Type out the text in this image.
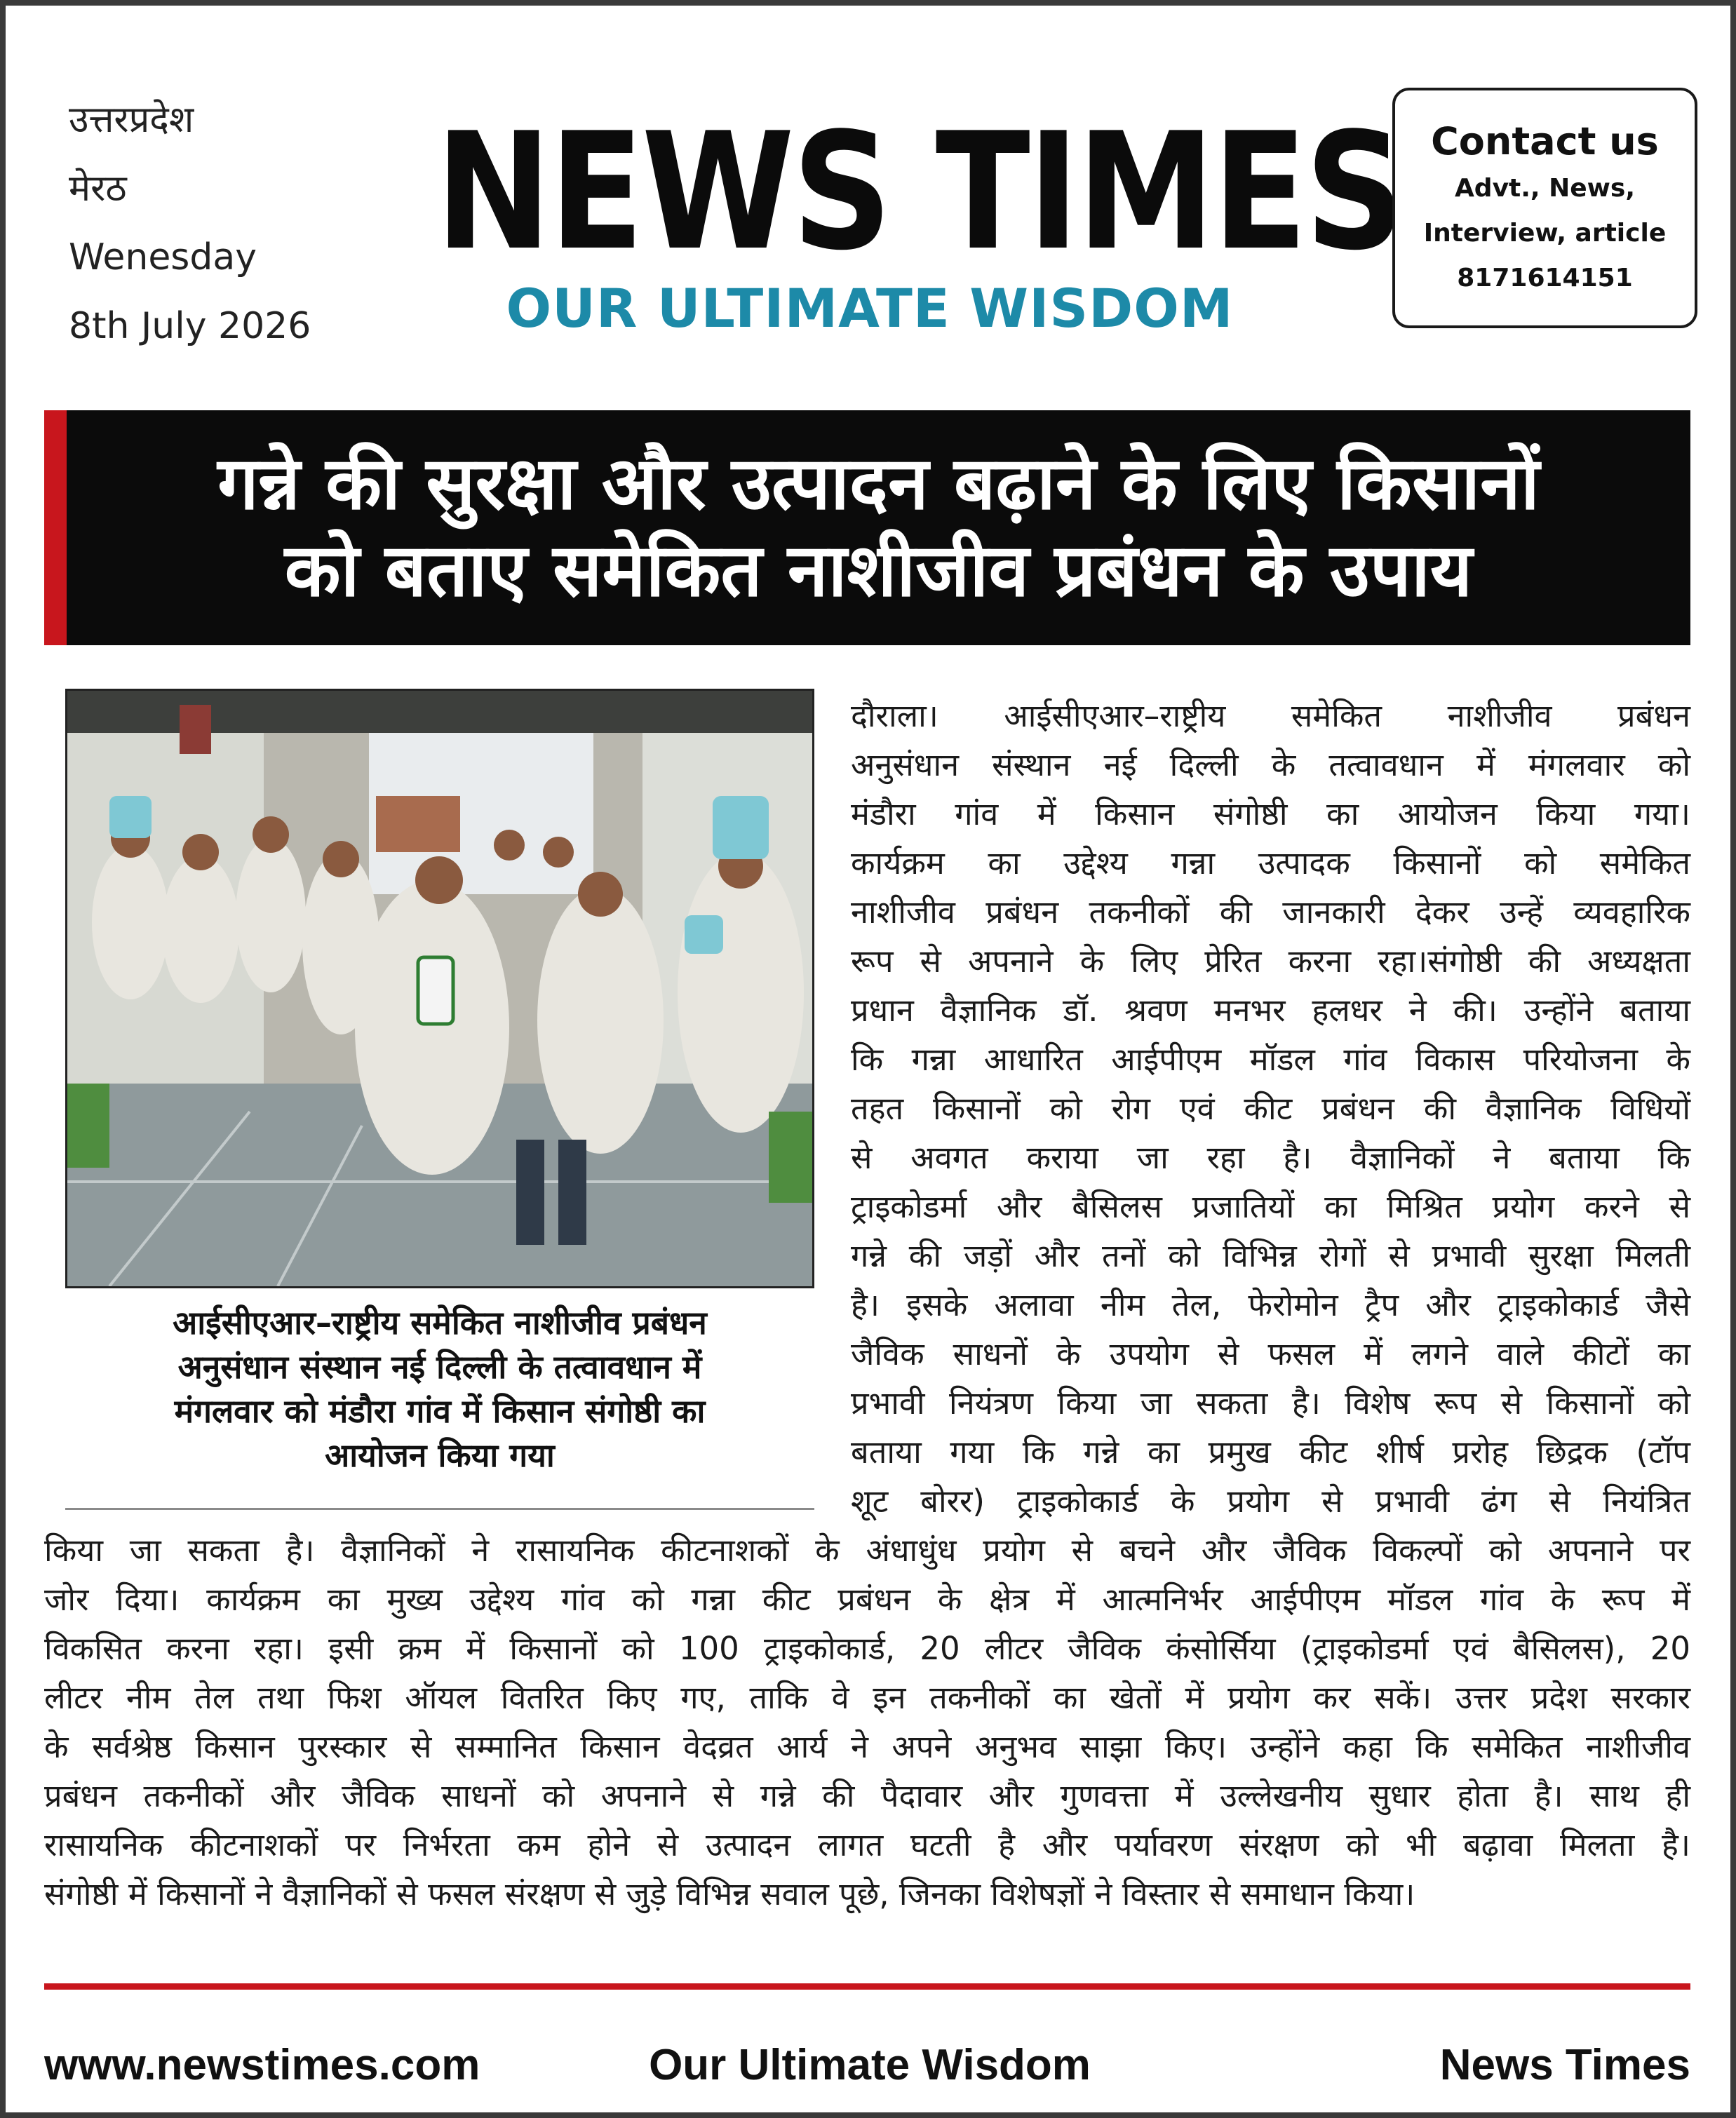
उत्तरप्रदेश
मेरठ
Wenesday
8th July 2026
NEWS TIMES
OUR ULTIMATE WISDOM
Contact us
Advt., News,
Interview, article
8171614151
गन्ने की सुरक्षा और उत्पादन बढ़ाने के लिए किसानों
को बताए समेकित नाशीजीव प्रबंधन के उपाय
आईसीएआर–राष्ट्रीय समेकित नाशीजीव प्रबंधन
अनुसंधान संस्थान नई दिल्ली के तत्वावधान में
मंगलवार को मंडौरा गांव में किसान संगोष्ठी का
आयोजन किया गया
दौराला। आईसीएआर–राष्ट्रीय समेकित नाशीजीव प्रबंधन
अनुसंधान संस्थान नई दिल्ली के तत्वावधान में मंगलवार को
मंडौरा गांव में किसान संगोष्ठी का आयोजन किया गया।
कार्यक्रम का उद्देश्य गन्ना उत्पादक किसानों को समेकित
नाशीजीव प्रबंधन तकनीकों की जानकारी देकर उन्हें व्यवहारिक
रूप से अपनाने के लिए प्रेरित करना रहा।संगोष्ठी की अध्यक्षता
प्रधान वैज्ञानिक डॉ. श्रवण मनभर हलधर ने की। उन्होंने बताया
कि गन्ना आधारित आईपीएम मॉडल गांव विकास परियोजना के
तहत किसानों को रोग एवं कीट प्रबंधन की वैज्ञानिक विधियों
से अवगत कराया जा रहा है। वैज्ञानिकों ने बताया कि
ट्राइकोडर्मा और बैसिलस प्रजातियों का मिश्रित प्रयोग करने से
गन्ने की जड़ों और तनों को विभिन्न रोगों से प्रभावी सुरक्षा मिलती
है। इसके अलावा नीम तेल, फेरोमोन ट्रैप और ट्राइकोकार्ड जैसे
जैविक साधनों के उपयोग से फसल में लगने वाले कीटों का
प्रभावी नियंत्रण किया जा सकता है। विशेष रूप से किसानों को
बताया गया कि गन्ने का प्रमुख कीट शीर्ष प्ररोह छिद्रक (टॉप
शूट बोरर) ट्राइकोकार्ड के प्रयोग से प्रभावी ढंग से नियंत्रित
किया जा सकता है। वैज्ञानिकों ने रासायनिक कीटनाशकों के अंधाधुंध प्रयोग से बचने और जैविक विकल्पों को अपनाने पर
जोर दिया। कार्यक्रम का मुख्य उद्देश्य गांव को गन्ना कीट प्रबंधन के क्षेत्र में आत्मनिर्भर आईपीएम मॉडल गांव के रूप में
विकसित करना रहा। इसी क्रम में किसानों को 100 ट्राइकोकार्ड, 20 लीटर जैविक कंसोर्सिया (ट्राइकोडर्मा एवं बैसिलस), 20
लीटर नीम तेल तथा फिश ऑयल वितरित किए गए, ताकि वे इन तकनीकों का खेतों में प्रयोग कर सकें। उत्तर प्रदेश सरकार
के सर्वश्रेष्ठ किसान पुरस्कार से सम्मानित किसान वेदव्रत आर्य ने अपने अनुभव साझा किए। उन्होंने कहा कि समेकित नाशीजीव
प्रबंधन तकनीकों और जैविक साधनों को अपनाने से गन्ने की पैदावार और गुणवत्ता में उल्लेखनीय सुधार होता है। साथ ही
रासायनिक कीटनाशकों पर निर्भरता कम होने से उत्पादन लागत घटती है और पर्यावरण संरक्षण को भी बढ़ावा मिलता है।
संगोष्ठी में किसानों ने वैज्ञानिकों से फसल संरक्षण से जुड़े विभिन्न सवाल पूछे, जिनका विशेषज्ञों ने विस्तार से समाधान किया।
www.newstimes.com	Our Ultimate Wisdom	News Times
